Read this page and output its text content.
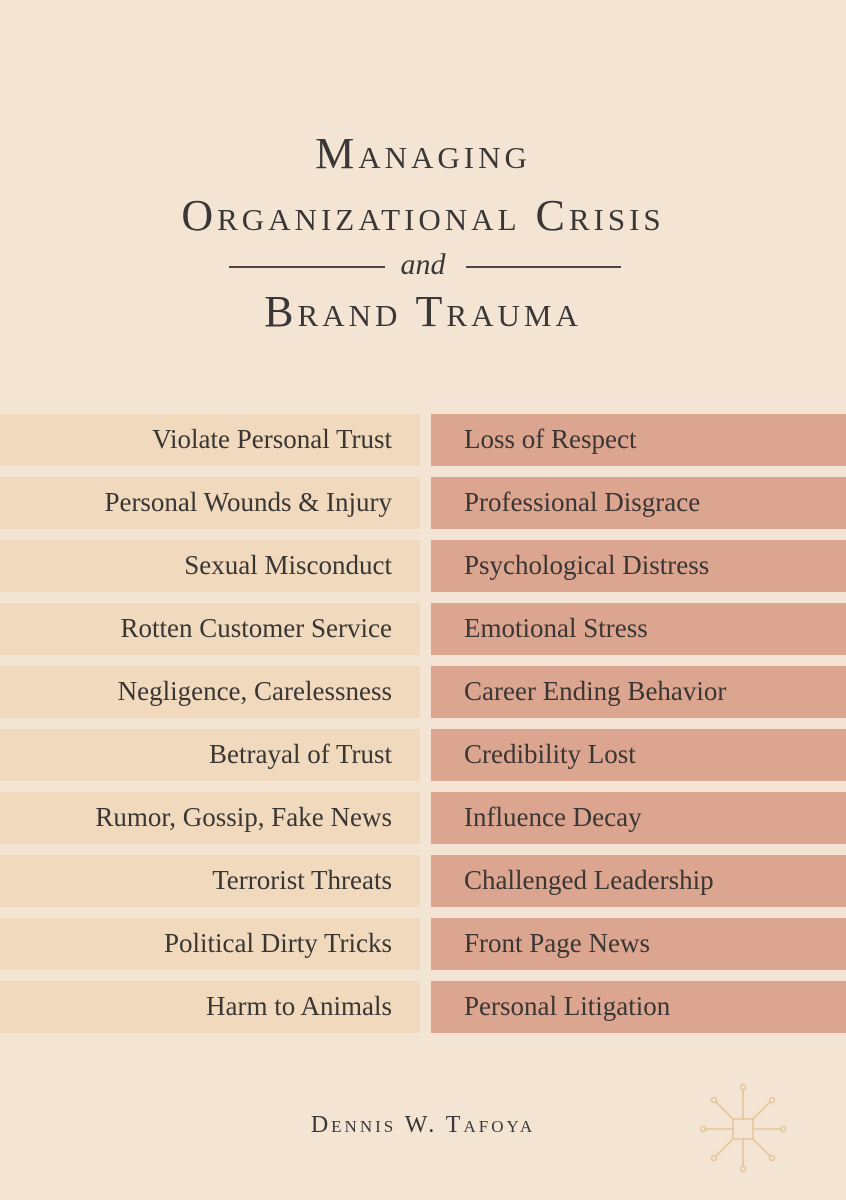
Managing
Organizational Crisis
and
Brand Trauma
Violate Personal Trust	Loss of Respect
Personal Wounds & Injury	Professional Disgrace
Sexual Misconduct	Psychological Distress
Rotten Customer Service	Emotional Stress
Negligence, Carelessness	Career Ending Behavior
Betrayal of Trust	Credibility Lost
Rumor, Gossip, Fake News	Influence Decay
Terrorist Threats	Challenged Leadership
Political Dirty Tricks	Front Page News
Harm to Animals	Personal Litigation
Dennis W. Tafoya
